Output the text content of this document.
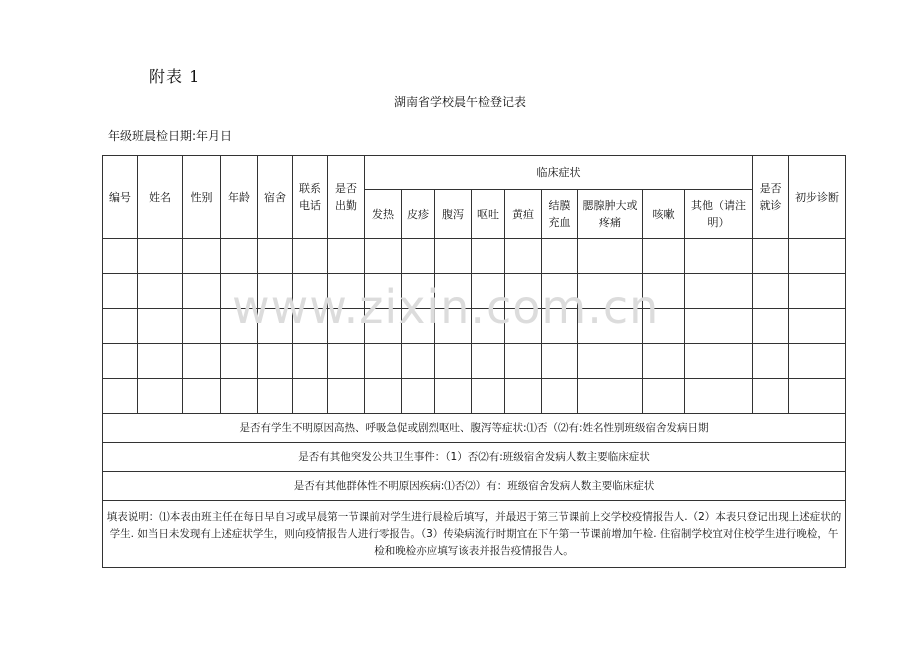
附表 1
湖南省学校晨午检登记表
年级班晨检日期:年月日
编号	姓名	性别	年龄	宿舍	联系电话	是否出勤	临床症状									是否就诊	初步诊断
							发热	皮疹	腹泻	呕吐	黄疸	结膜充血	腮腺肿大或疼痛	咳嗽	其他（请注明）		

是否有学生不明原因高热、呼吸急促或剧烈呕吐、腹泻等症状:⑴否（⑵有:姓名性别班级宿舍发病日期																	
是否有其他突发公共卫生事件：（1）否⑵有:班级宿舍发病人数主要临床症状																	
是否有其他群体性不明原因疾病:⑴否⑵）有：班级宿舍发病人数主要临床症状																	
填表说明：⑴本表由班主任在每日早自习或早晨第一节课前对学生进行晨检后填写，并最迟于第三节课前上交学校疫情报告人.（2）本表只登记出现上述症状的学生. 如当日未发现有上述症状学生，则向疫情报告人进行零报告。（3）传染病流行时期宜在下午第一节课前增加午检. 住宿制学校宜对住校学生进行晚检，午检和晚检亦应填写该表并报告疫情报告人。																	
www.zixin.com.cn
